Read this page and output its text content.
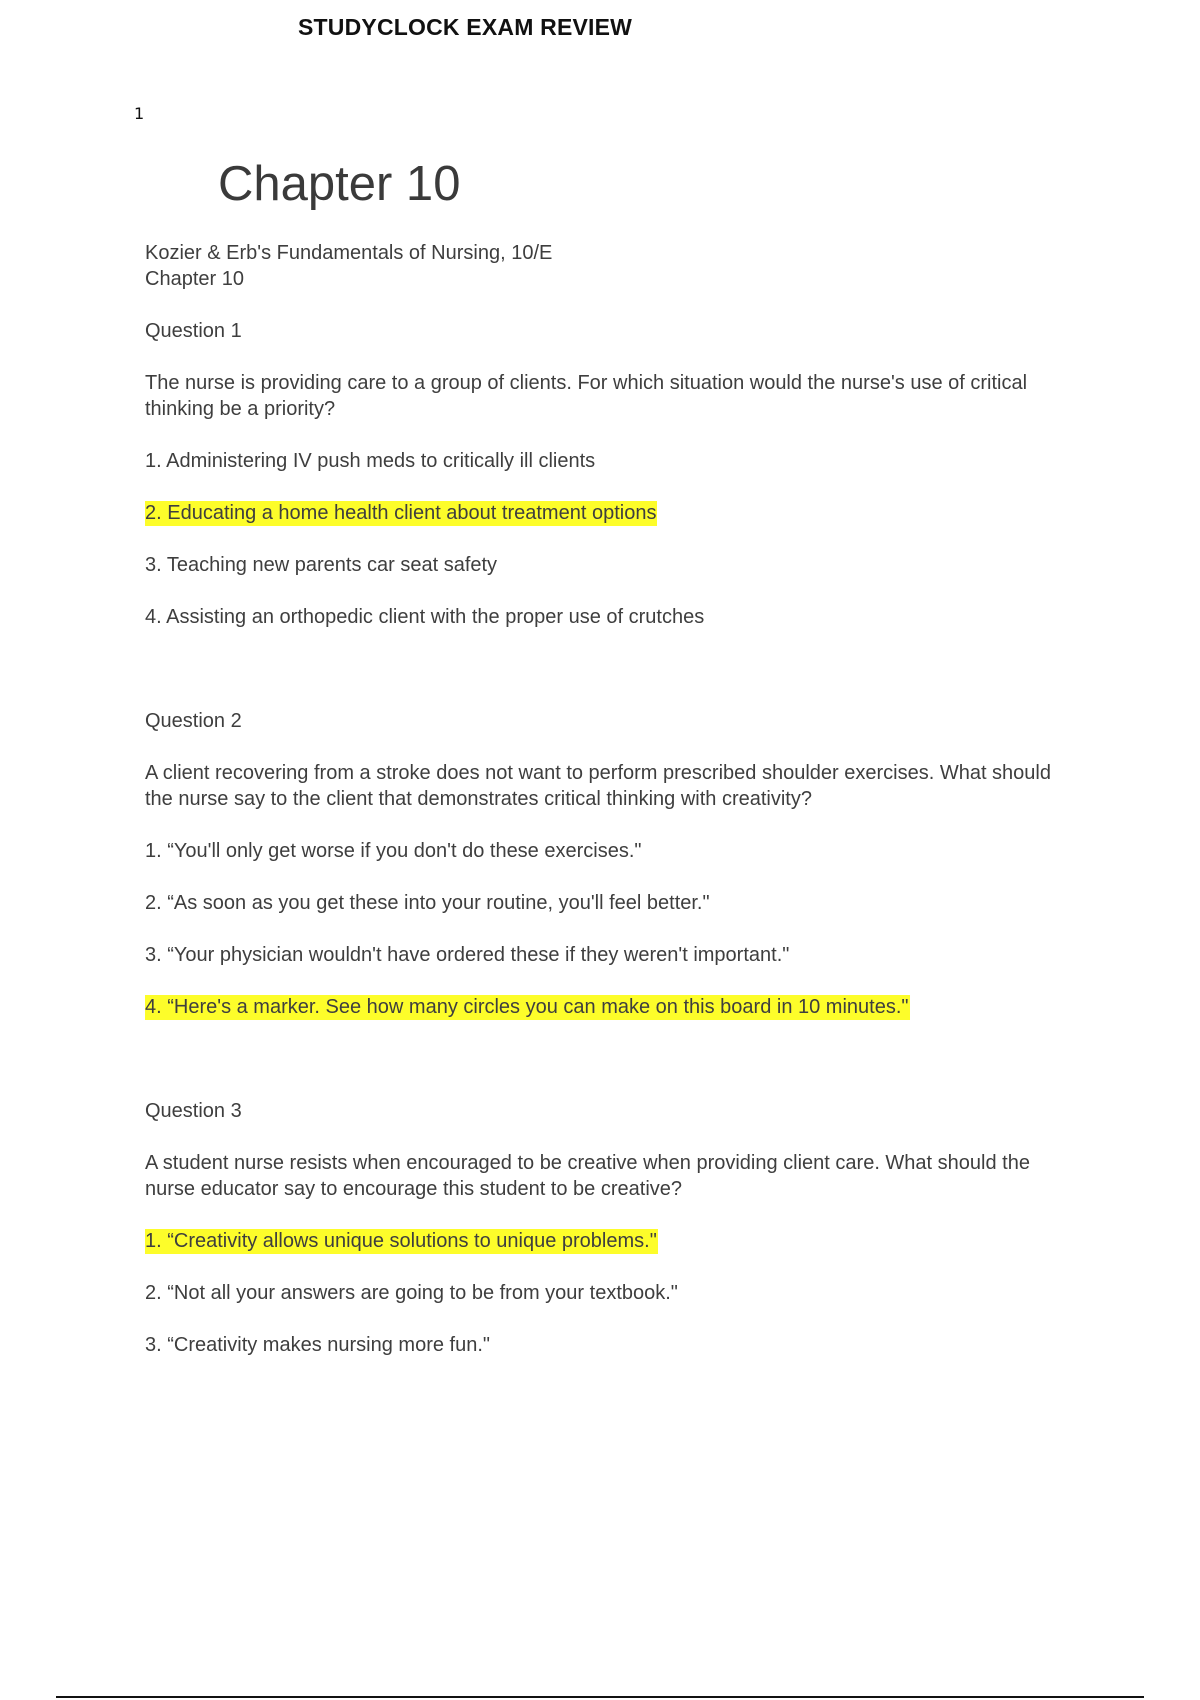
STUDYCLOCK EXAM REVIEW
1
Chapter 10
Kozier & Erb's Fundamentals of Nursing, 10/E
Chapter 10
Question 1
The nurse is providing care to a group of clients. For which situation would the nurse's use of critical thinking be a priority?
1. Administering IV push meds to critically ill clients
2. Educating a home health client about treatment options
3. Teaching new parents car seat safety
4. Assisting an orthopedic client with the proper use of crutches
Question 2
A client recovering from a stroke does not want to perform prescribed shoulder exercises. What should the nurse say to the client that demonstrates critical thinking with creativity?
1. “You'll only get worse if you don't do these exercises."
2. “As soon as you get these into your routine, you'll feel better."
3. “Your physician wouldn't have ordered these if they weren't important."
4. “Here's a marker. See how many circles you can make on this board in 10 minutes."
Question 3
A student nurse resists when encouraged to be creative when providing client care. What should the nurse educator say to encourage this student to be creative?
1. “Creativity allows unique solutions to unique problems."
2. “Not all your answers are going to be from your textbook."
3. “Creativity makes nursing more fun."
